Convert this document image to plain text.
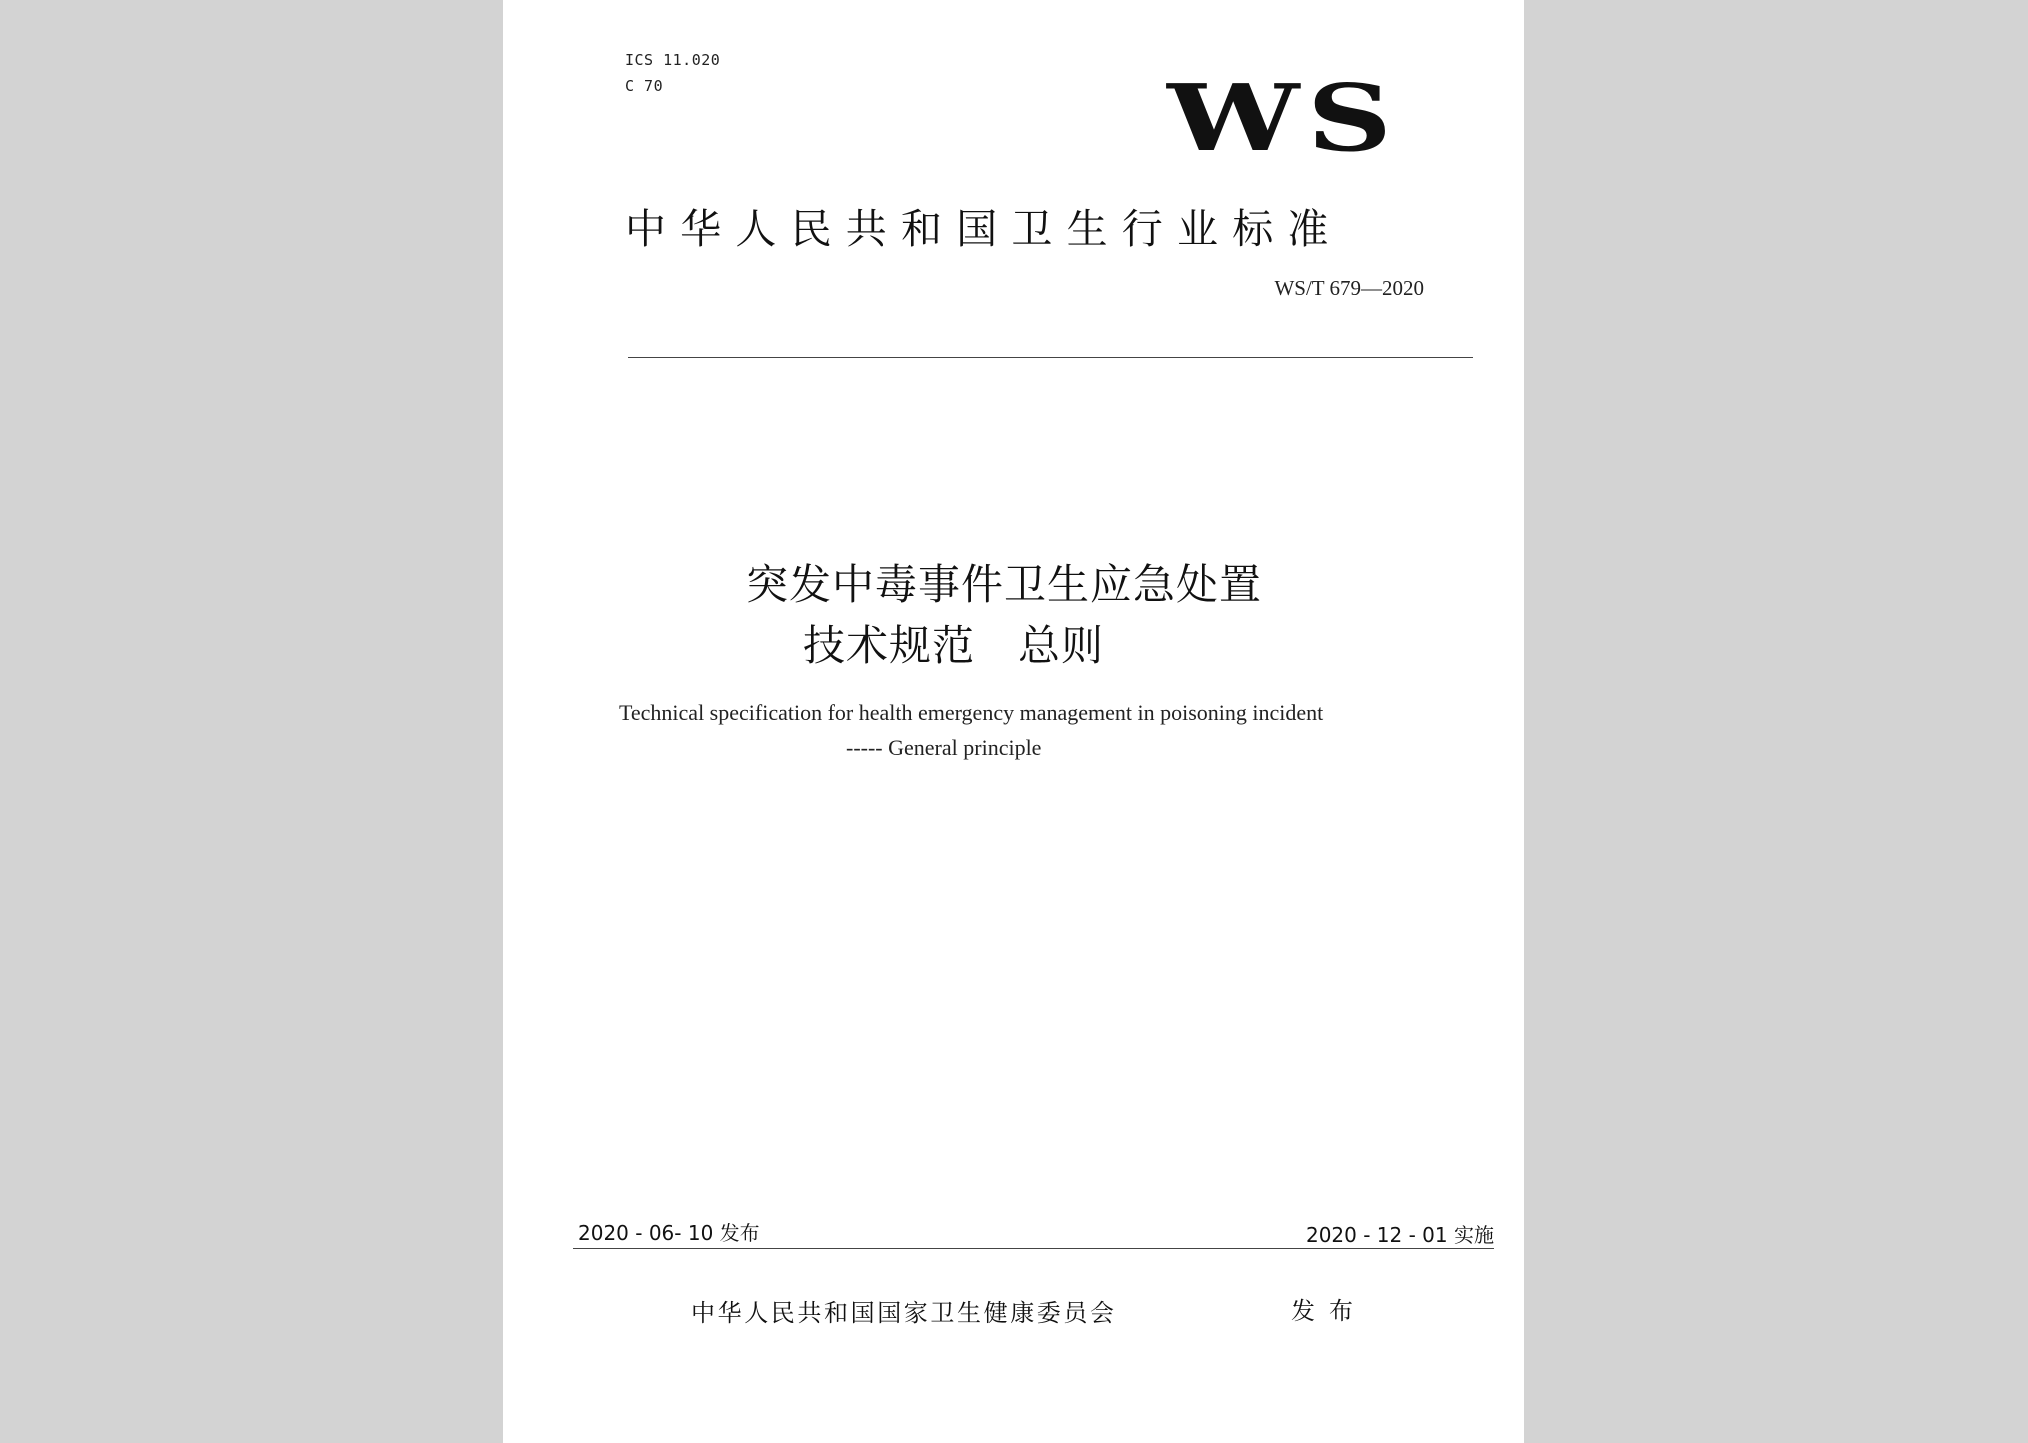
ICS 11.020
C 70	WS
中华人民共和国卫生行业标准
WS/T 679—2020
突发中毒事件卫生应急处置
技术规范　总则
Technical specification for health emergency management in poisoning incident
----- General principle
2020 - 06- 10 发布	2020 - 12 - 01 实施
中华人民共和国国家卫生健康委员会	发布
